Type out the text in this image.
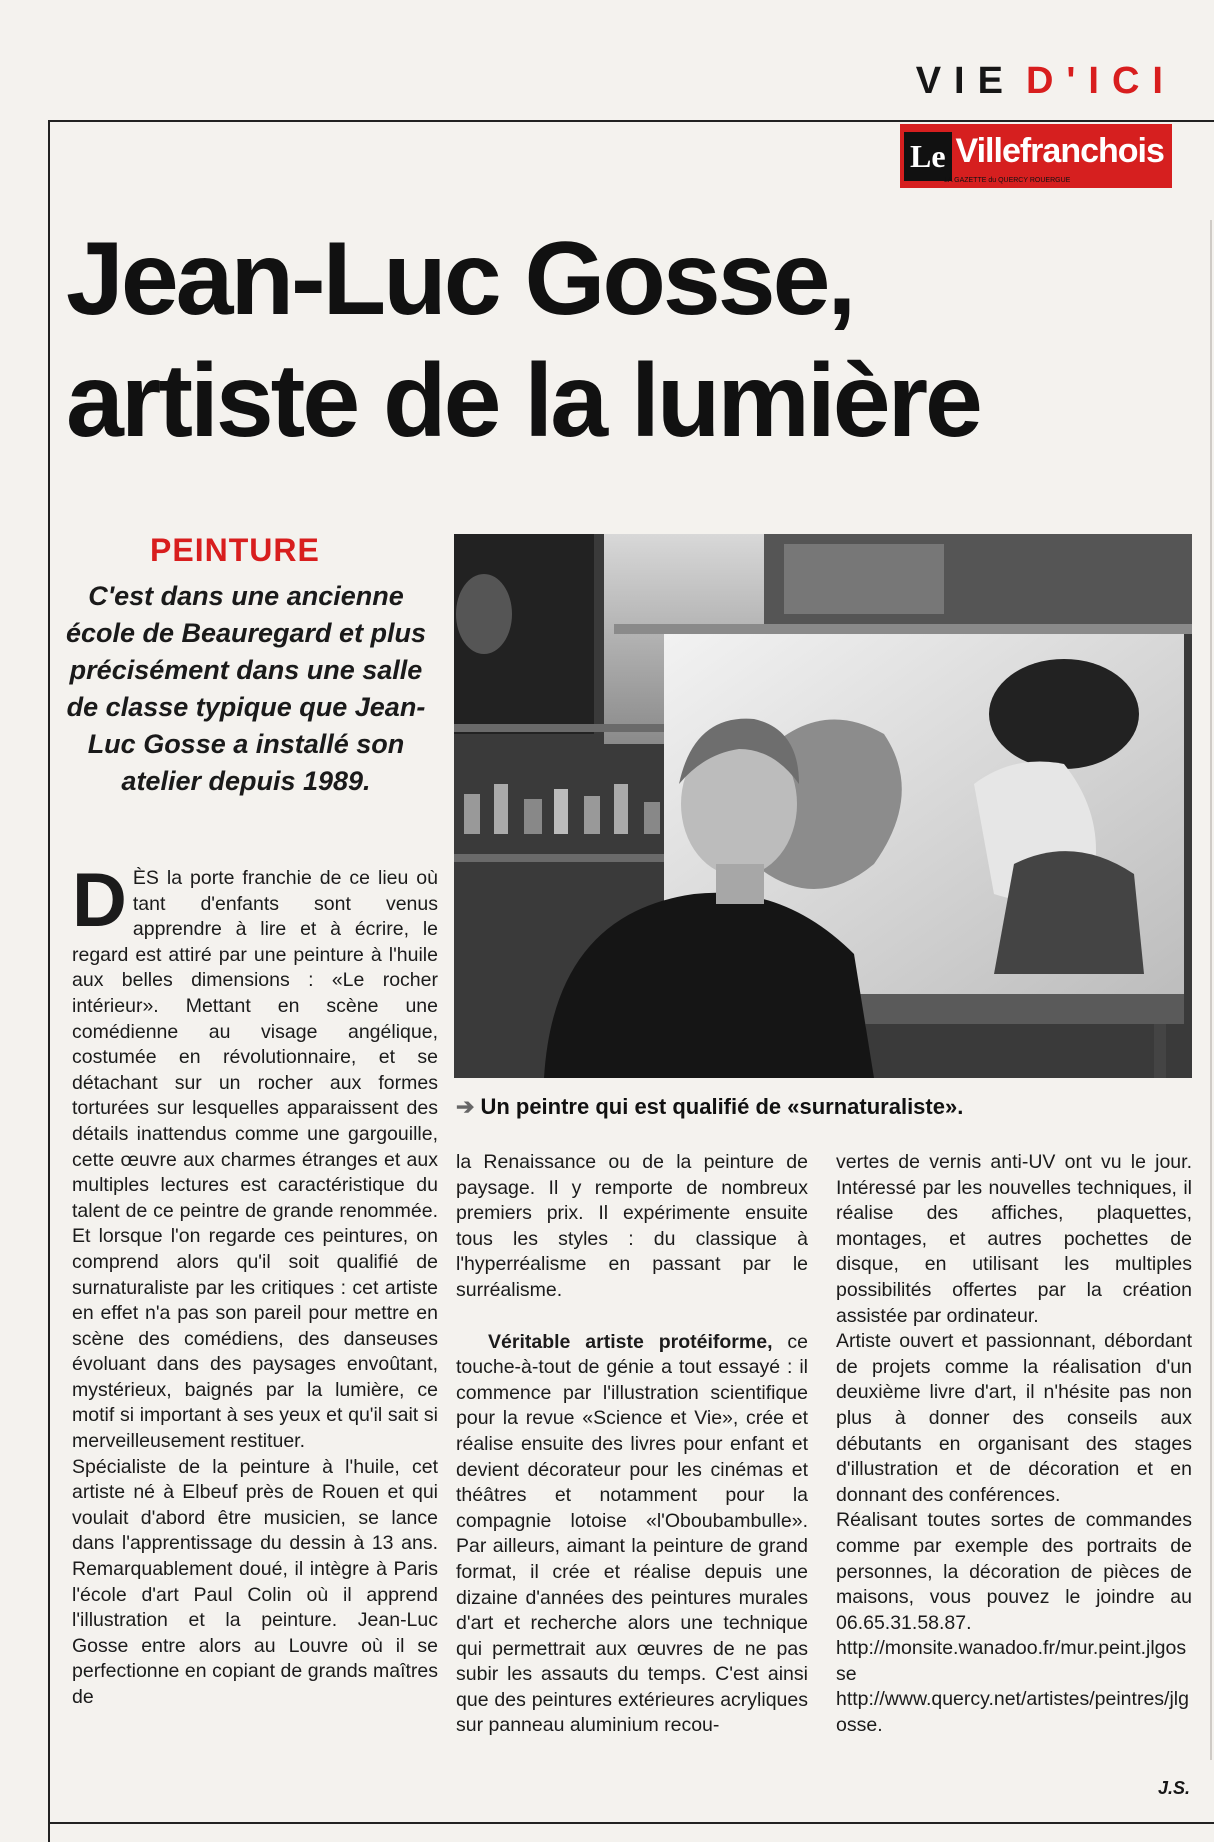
VIE D'ICI
Le Villefranchois
LA GAZETTE du QUERCY ROUERGUE
Jean-Luc Gosse,
artiste de la lumière
PEINTURE
C'est dans une ancienne école de Beauregard et plus précisément dans une salle de classe typique que Jean-Luc Gosse a installé son atelier depuis 1989.
➔ Un peintre qui est qualifié de «surnaturaliste».

DÈS la porte franchie de ce lieu où tant d'enfants sont venus apprendre à lire et à écrire, le regard est attiré par une peinture à l'huile aux belles dimensions : «Le rocher intérieur». Mettant en scène une comédienne au visage angélique, costumée en révolutionnaire, et se détachant sur un rocher aux formes torturées sur lesquelles apparaissent des détails inattendus comme une gargouille, cette œuvre aux charmes étranges et aux multiples lectures est caractéristique du talent de ce peintre de grande renommée. Et lorsque l'on regarde ces peintures, on comprend alors qu'il soit qualifié de surnaturaliste par les critiques : cet artiste en effet n'a pas son pareil pour mettre en scène des comédiens, des danseuses évoluant dans des paysages envoûtant, mystérieux, baignés par la lumière, ce motif si important à ses yeux et qu'il sait si merveilleusement restituer.

Spécialiste de la peinture à l'huile, cet artiste né à Elbeuf près de Rouen et qui voulait d'abord être musicien, se lance dans l'apprentissage du dessin à 13 ans. Remarquablement doué, il intègre à Paris l'école d'art Paul Colin où il apprend l'illustration et la peinture. Jean-Luc Gosse entre alors au Louvre où il se perfectionne en copiant de grands maîtres de

la Renaissance ou de la peinture de paysage. Il y remporte de nombreux premiers prix. Il expérimente ensuite tous les styles : du classique à l'hyperréalisme en passant par le surréalisme.

Véritable artiste protéiforme, ce touche-à-tout de génie a tout essayé : il commence par l'illustration scientifique pour la revue «Science et Vie», crée et réalise ensuite des livres pour enfant et devient décorateur pour les cinémas et théâtres et notamment pour la compagnie lotoise «l'Oboubambulle». Par ailleurs, aimant la peinture de grand format, il crée et réalise depuis une dizaine d'années des peintures murales d'art et recherche alors une technique qui permettrait aux œuvres de ne pas subir les assauts du temps. C'est ainsi que des peintures extérieures acryliques sur panneau aluminium recou-

vertes de vernis anti-UV ont vu le jour. Intéressé par les nouvelles techniques, il réalise des affiches, plaquettes, montages, et autres pochettes de disque, en utilisant les multiples possibilités offertes par la création assistée par ordinateur.

Artiste ouvert et passionnant, débordant de projets comme la réalisation d'un deuxième livre d'art, il n'hésite pas non plus à donner des conseils aux débutants en organisant des stages d'illustration et de décoration et en donnant des conférences.

Réalisant toutes sortes de commandes comme par exemple des portraits de personnes, la décoration de pièces de maisons, vous pouvez le joindre au 06.65.31.58.87.

http://monsite.wanadoo.fr/mur.peint.jlgosse

http://www.quercy.net/artistes/peintres/jlgosse.

J.S.
